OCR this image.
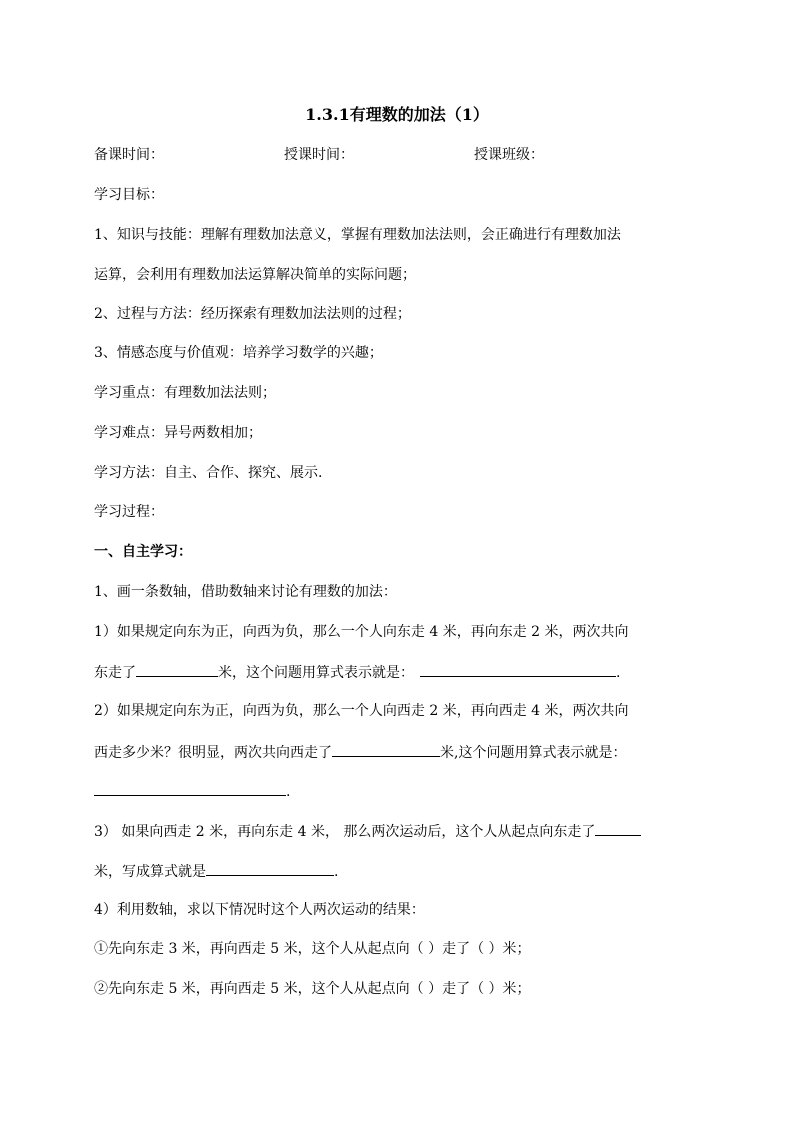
1.3.1有理数的加法（1）
备课时间：	授课时间：	授课班级：
学习目标：
1、知识与技能：理解有理数加法意义，掌握有理数加法法则，会正确进行有理数加法
运算，会利用有理数加法运算解决简单的实际问题；
2、过程与方法：经历探索有理数加法法则的过程；
3、情感态度与价值观：培养学习数学的兴趣；
学习重点：有理数加法法则；
学习难点：异号两数相加；
学习方法：自主、合作、探究、展示.
学习过程：
一、自主学习：
1、画一条数轴，借助数轴来讨论有理数的加法：
1）如果规定向东为正，向西为负，那么一个人向东走 4 米，再向东走 2 米，两次共向
东走了	米，这个问题用算式表示就是：	.
2）如果规定向东为正，向西为负，那么一个人向西走 2 米，再向西走 4 米，两次共向
西走多少米？很明显，两次共向西走了	米,这个问题用算式表示就是：
.
3） 如果向西走 2 米，再向东走 4 米， 那么两次运动后，这个人从起点向东走了
米，写成算式就是	.
4）利用数轴，求以下情况时这个人两次运动的结果：
①先向东走 3 米，再向西走 5 米，这个人从起点向（ ）走了（ ）米；
②先向东走 5 米，再向西走 5 米，这个人从起点向（ ）走了（ ）米；
